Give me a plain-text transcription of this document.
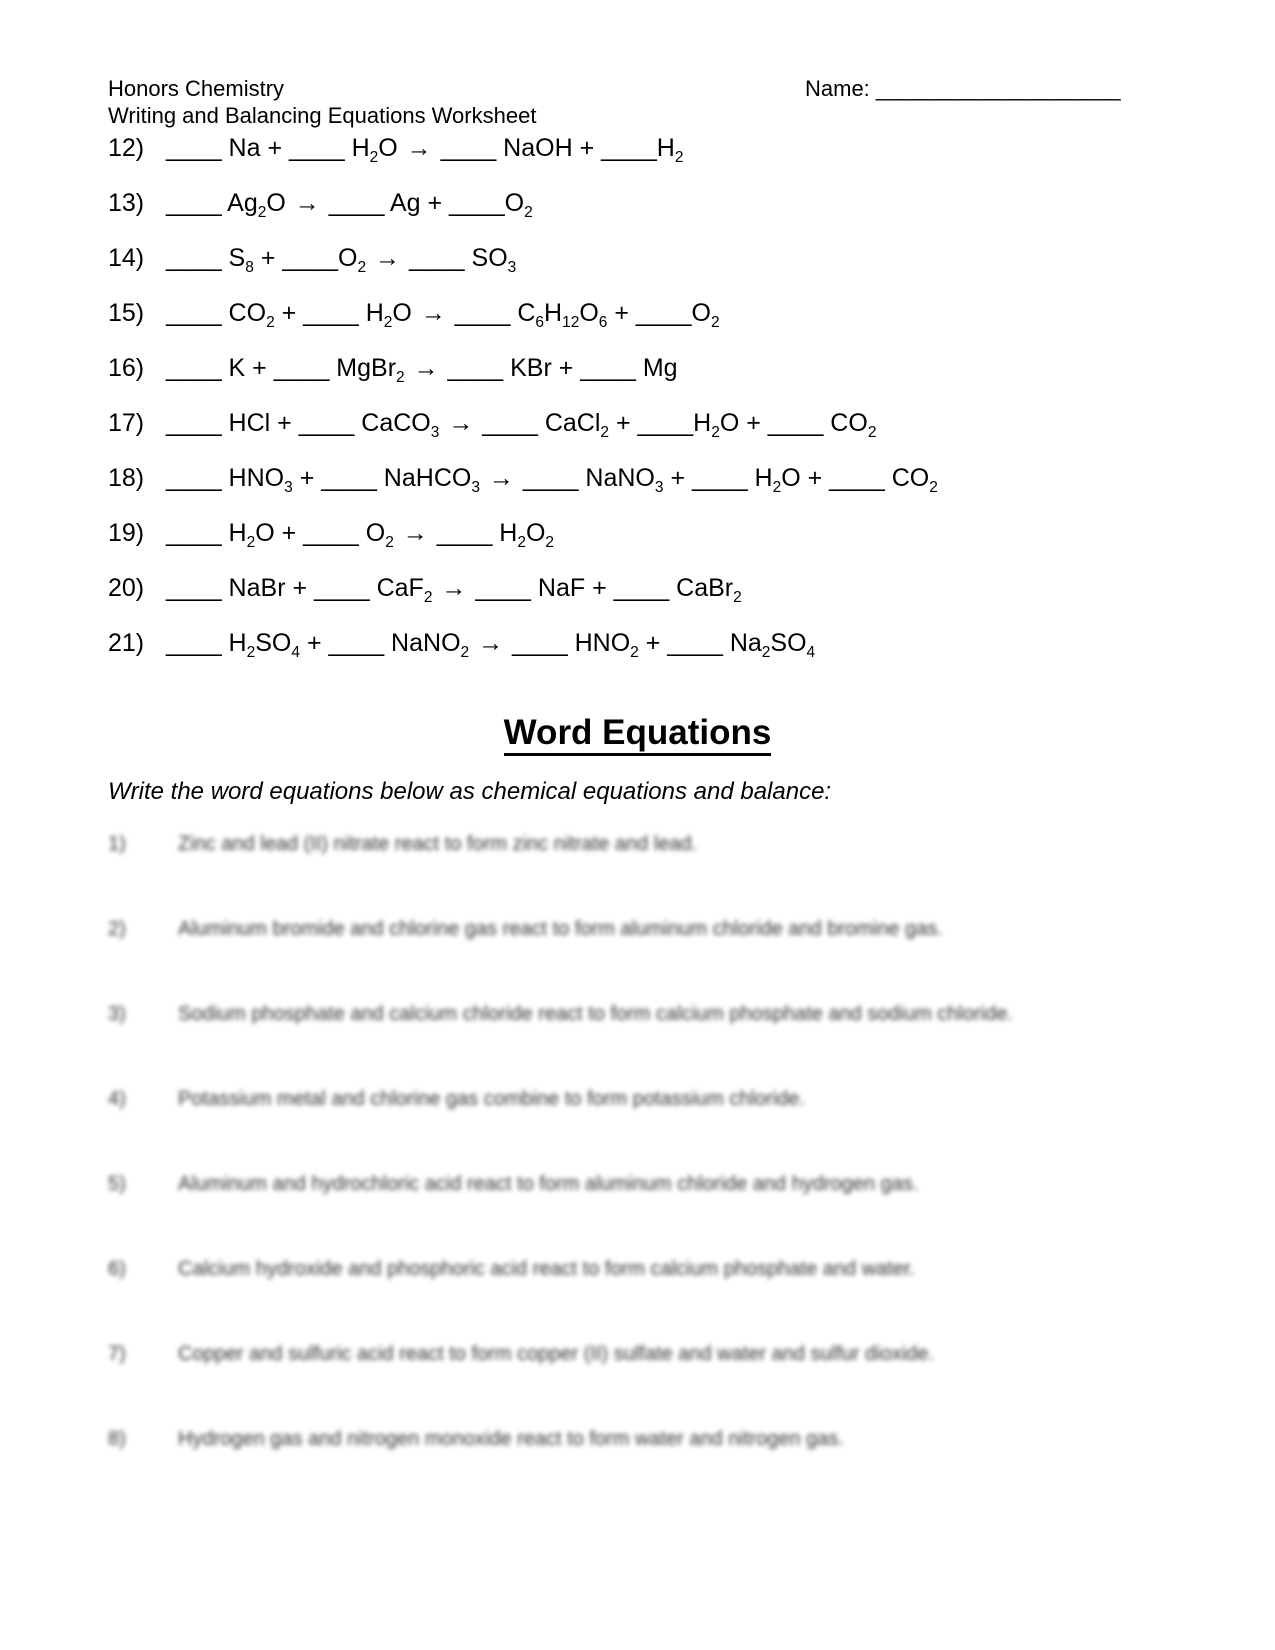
Honors Chemistry
Writing and Balancing Equations Worksheet
Name: ____________________
12) ____ Na + ____ $H_2O$ → ____ NaOH + $\_\_\_\_H_2$
13) ____ $Ag_2O$ → ____ $Ag + \_\_\_\_O_2$
14) ____ $S_8$ + $\_\_\_\_O_2$ → ____ $SO_3$
15) ____ $CO_2$ + ____ $H_2O$ → ____ $C_6H_{12}O_6$ + $\_\_\_\_O_2$
16) ____ K + ____ MgBr$_2$ → ____ KBr + ____ Mg
17) ____ HCl + ____ CaCO$_3$ → ____ CaCl$_2$ + $\_\_\_\_H_2O$ + ____ $CO_2$
18) ____ $HNO_3$ + ____ NaHCO$_3$ → ____ NaNO$_3$ + ____ $H_2O$ + ____ $CO_2$
19) ____ $H_2O$ + ____ $O_2$ → ____ $H_2O_2$
20) ____ NaBr + ____ CaF$_2$ → ____ NaF + ____ CaBr$_2$
21) ____ $H_2SO_4$ + ____ NaNO$_2$ → ____ $HNO_2$ + ____ $Na_2SO_4$
Word Equations
Write the word equations below as chemical equations and balance:
1)	Zinc and lead (II) nitrate react to form zinc nitrate and lead.
2)	Aluminum bromide and chlorine gas react to form aluminum chloride and bromine gas.
3)	Sodium phosphate and calcium chloride react to form calcium phosphate and sodium chloride.
4)	Potassium metal and chlorine gas combine to form potassium chloride.
5)	Aluminum and hydrochloric acid react to form aluminum chloride and hydrogen gas.
6)	Calcium hydroxide and phosphoric acid react to form calcium phosphate and water.
7)	Copper and sulfuric acid react to form copper (II) sulfate and water and sulfur dioxide.
8)	Hydrogen gas and nitrogen monoxide react to form water and nitrogen gas.
